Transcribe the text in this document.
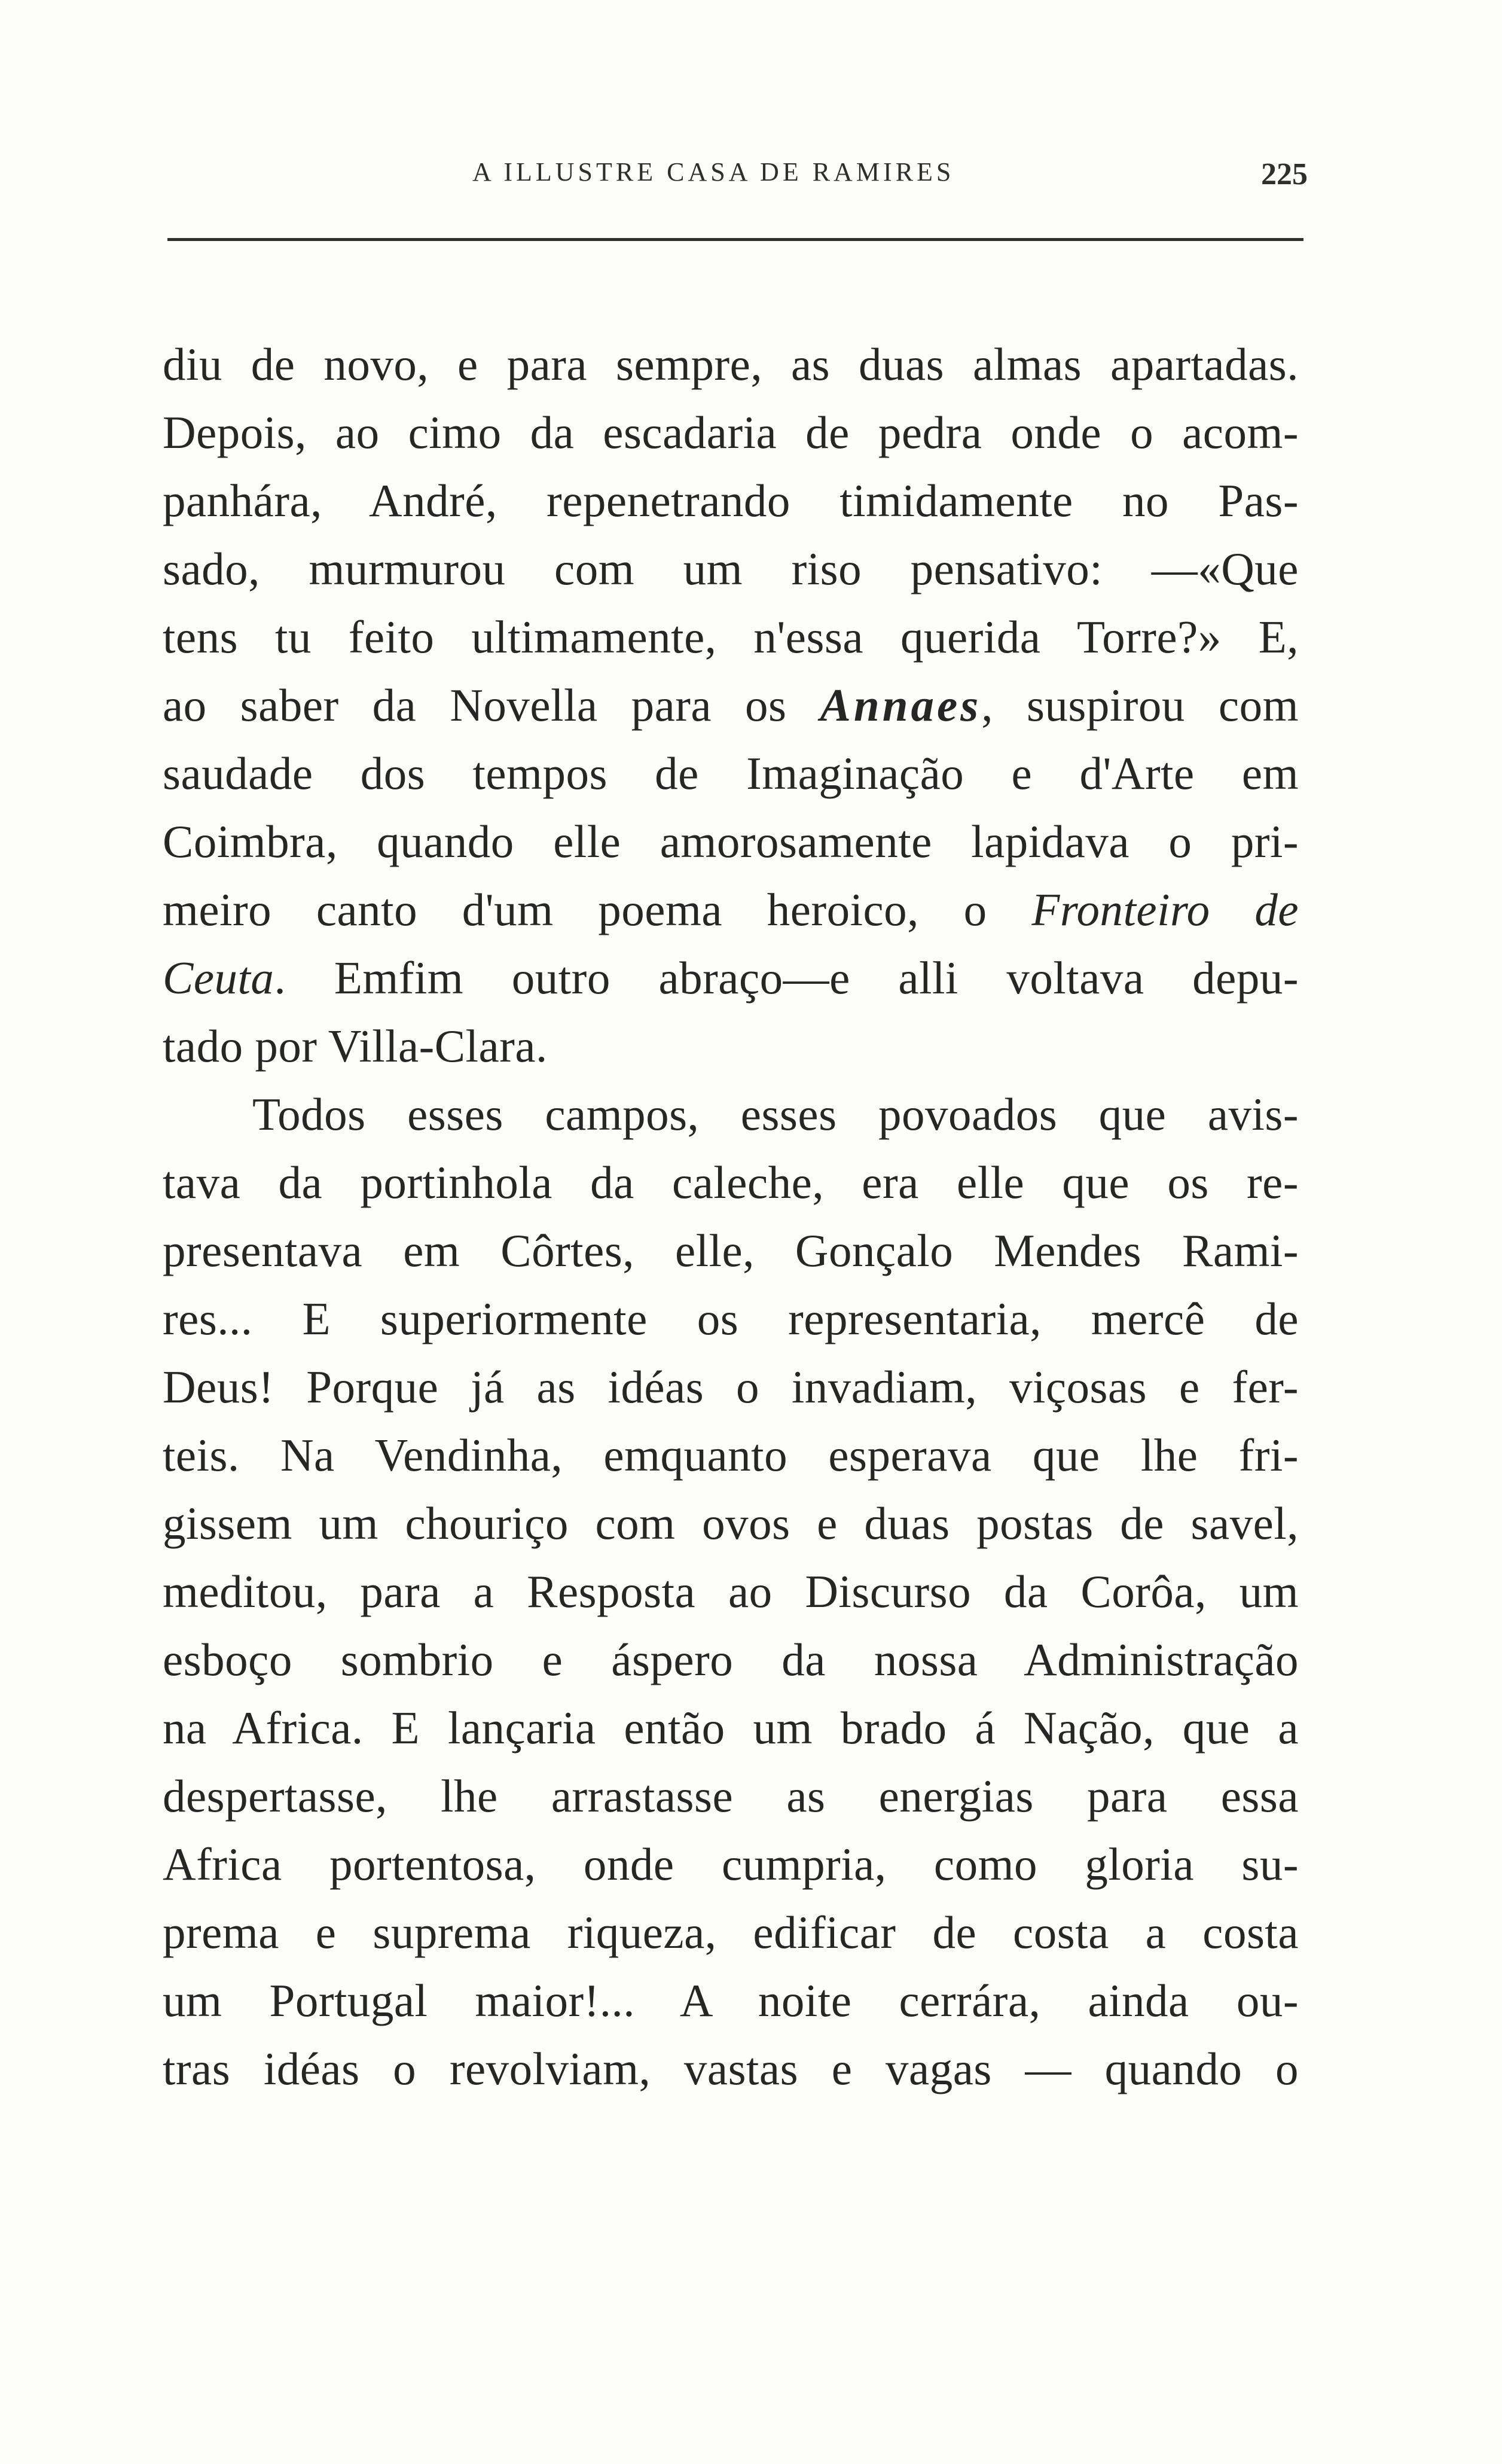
A ILLUSTRE CASA DE RAMIRES	225
diu de novo, e para sempre, as duas almas apartadas.
Depois, ao cimo da escadaria de pedra onde o acom-
panhára, André, repenetrando timidamente no Pas-
sado, murmurou com um riso pensativo: —«Que
tens tu feito ultimamente, n'essa querida Torre?» E,
ao saber da Novella para os Annaes, suspirou com
saudade dos tempos de Imaginação e d'Arte em
Coimbra, quando elle amorosamente lapidava o pri-
meiro canto d'um poema heroico, o Fronteiro de
Ceuta. Emfim outro abraço—e alli voltava depu-
tado por Villa-Clara.
Todos esses campos, esses povoados que avis-
tava da portinhola da caleche, era elle que os re-
presentava em Côrtes, elle, Gonçalo Mendes Rami-
res... E superiormente os representaria, mercê de
Deus! Porque já as idéas o invadiam, viçosas e fer-
teis. Na Vendinha, emquanto esperava que lhe fri-
gissem um chouriço com ovos e duas postas de savel,
meditou, para a Resposta ao Discurso da Corôa, um
esboço sombrio e áspero da nossa Administração
na Africa. E lançaria então um brado á Nação, que a
despertasse, lhe arrastasse as energias para essa
Africa portentosa, onde cumpria, como gloria su-
prema e suprema riqueza, edificar de costa a costa
um Portugal maior!... A noite cerrára, ainda ou-
tras idéas o revolviam, vastas e vagas — quando o
